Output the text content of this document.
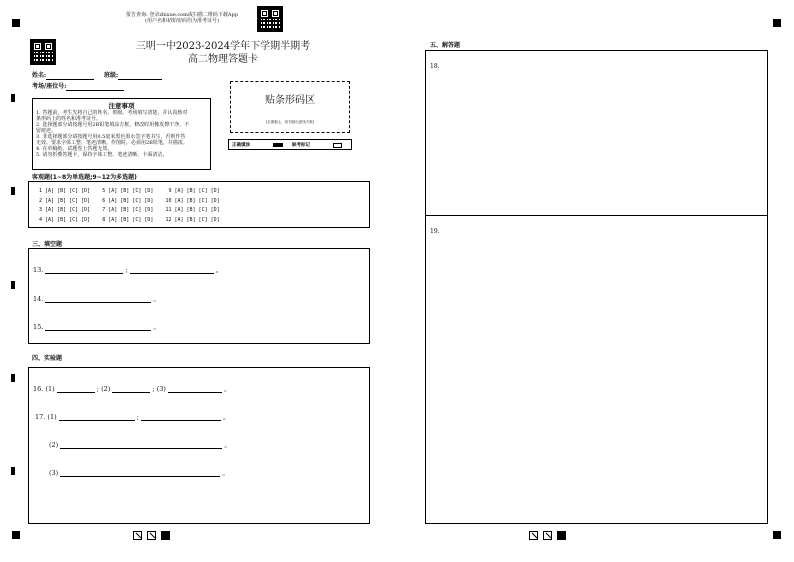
报告查询: 登录zhixue.com或扫描二维码下载App
(用户名和初始密码均为准考证号)
三明一中2023-2024学年下学期半期考
高二物理答题卡
姓名:	班级:
考场/座位号:
注意事项
1. 答题前，考生先将自己的姓名、班级、考场填写清楚，并认真核对
条形码上的姓名和准考证号。
2. 选择题部分请按题号用2B铅笔填涂方框，修改时用橡皮擦干净，不
留痕迹。
3. 非选择题部分请按题号用0.5毫米黑色墨水签字笔书写，否则作答
无效。要求字体工整、笔迹清晰。作图时，必须用2B铅笔，并描浓。
4. 在草稿纸、试题卷上答题无效。
5. 请勿折叠答题卡，保持字体工整、笔迹清晰、卡面清洁。
贴条形码区
(正面朝上，切勿贴出虚线方框)
正确填涂	缺考标记
客观题(1~8为单选题;9~12为多选题)
1 [A] [B] [C] [D]    5 [A] [B] [C] [D]     9 [A] [B] [C] [D]
2 [A] [B] [C] [D]    6 [A] [B] [C] [D]    10 [A] [B] [C] [D]
3 [A] [B] [C] [D]    7 [A] [B] [C] [D]    11 [A] [B] [C] [D]
4 [A] [B] [C] [D]    8 [A] [B] [C] [D]    12 [A] [B] [C] [D]
三、填空题
13.	;	。
14.	。
15.	。
四、实验题
16. (1)	; (2)	; (3)	。
17. (1)	;	。
(2)	。
(3)	。
五、解答题
18.
19.
